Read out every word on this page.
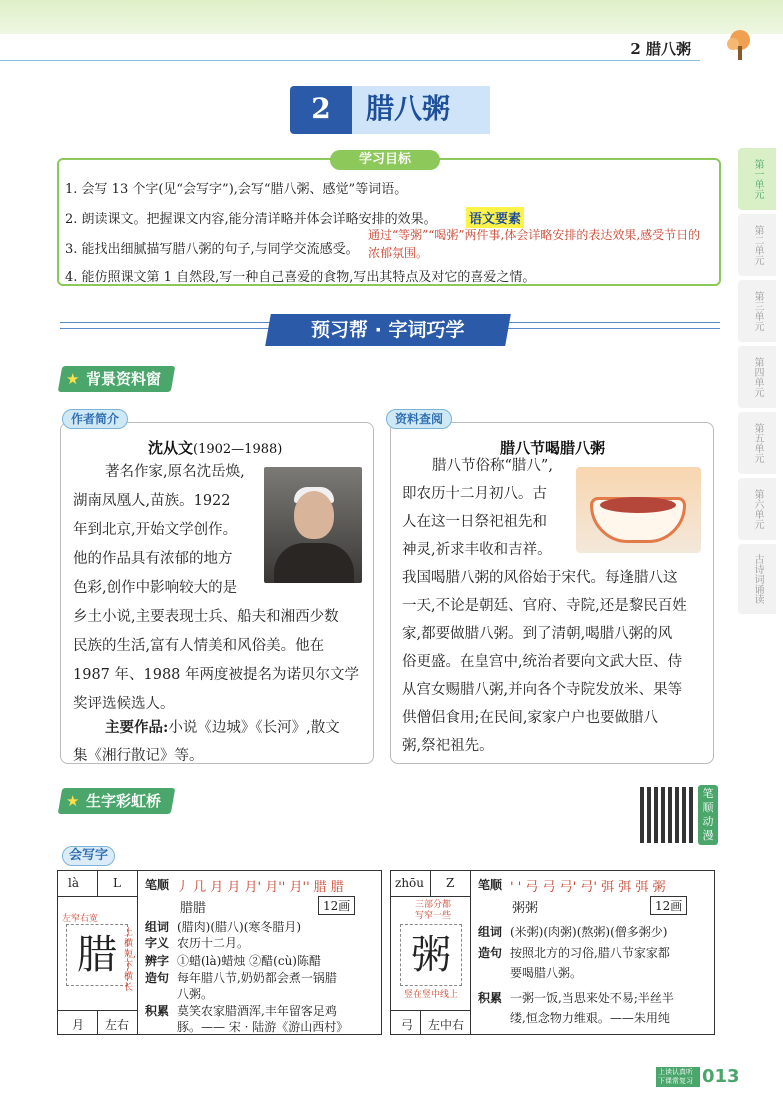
2 腊八粥
2	腊八粥
学习目标
1. 会写 13 个字(见“会写字”),会写“腊八粥、感觉”等词语。
2. 朗读课文。把握课文内容,能分清详略并体会详略安排的效果。 语文要素
3. 能找出细腻描写腊八粥的句子,与同学交流感受。
通过“等粥”“喝粥”两件事,体会详略安排的表达效果,感受节日的浓郁氛围。
4. 能仿照课文第 1 自然段,写一种自己喜爱的食物,写出其特点及对它的喜爱之情。
预习帮 · 字词巧学
★ 背景资料窗
作者简介
沈从文(1902—1988)
著名作家,原名沈岳焕,
湖南凤凰人,苗族。1922
年到北京,开始文学创作。
他的作品具有浓郁的地方
色彩,创作中影响较大的是
乡土小说,主要表现士兵、船夫和湘西少数
民族的生活,富有人情美和风俗美。他在
1987 年、1988 年两度被提名为诺贝尔文学
奖评选候选人。
主要作品:小说《边城》《长河》,散文
集《湘行散记》等。
资料查阅
腊八节喝腊八粥
腊八节俗称“腊八”,
即农历十二月初八。古
人在这一日祭祀祖先和
神灵,祈求丰收和吉祥。
我国喝腊八粥的风俗始于宋代。每逢腊八这
一天,不论是朝廷、官府、寺院,还是黎民百姓
家,都要做腊八粥。到了清朝,喝腊八粥的风
俗更盛。在皇宫中,统治者要向文武大臣、侍
从宫女赐腊八粥,并向各个寺院发放米、果等
供僧侣食用;在民间,家家户户也要做腊八
粥,祭祀祖先。
★ 生字彩虹桥	笔顺动漫
会写字
là	L
腊
左窄右宽
上横短,下横长
月 左右
笔顺 丿 几 月 月 月' 月'' 月'' 腊 腊
腊腊	12画
组词 (腊肉)(腊八)(寒冬腊月)
字义 农历十二月。
辨字 ①蜡(là)蜡烛 ②醋(cù)陈醋
造句 每年腊八节,奶奶都会煮一锅腊
八粥。
积累 莫笑农家腊酒浑,丰年留客足鸡
豚。—— 宋 · 陆游《游山西村》
zhōu Z
三部分都
写窄一些
粥
竖在竖中线上
弓 左中右
笔顺 ' ' 弓 弓 弓' 弓' 弭 弭 弭 粥
粥粥	12画
组词 (米粥)(肉粥)(熬粥)(僧多粥少)
造句 按照北方的习俗,腊八节家家都
要喝腊八粥。
积累 一粥一饭,当思来处不易;半丝半
缕,恒念物力维艰。——朱用纯
第一单元
第二单元
第三单元
第四单元
第五单元
第六单元
古诗词诵读
上读认真听
下课常复习 013
